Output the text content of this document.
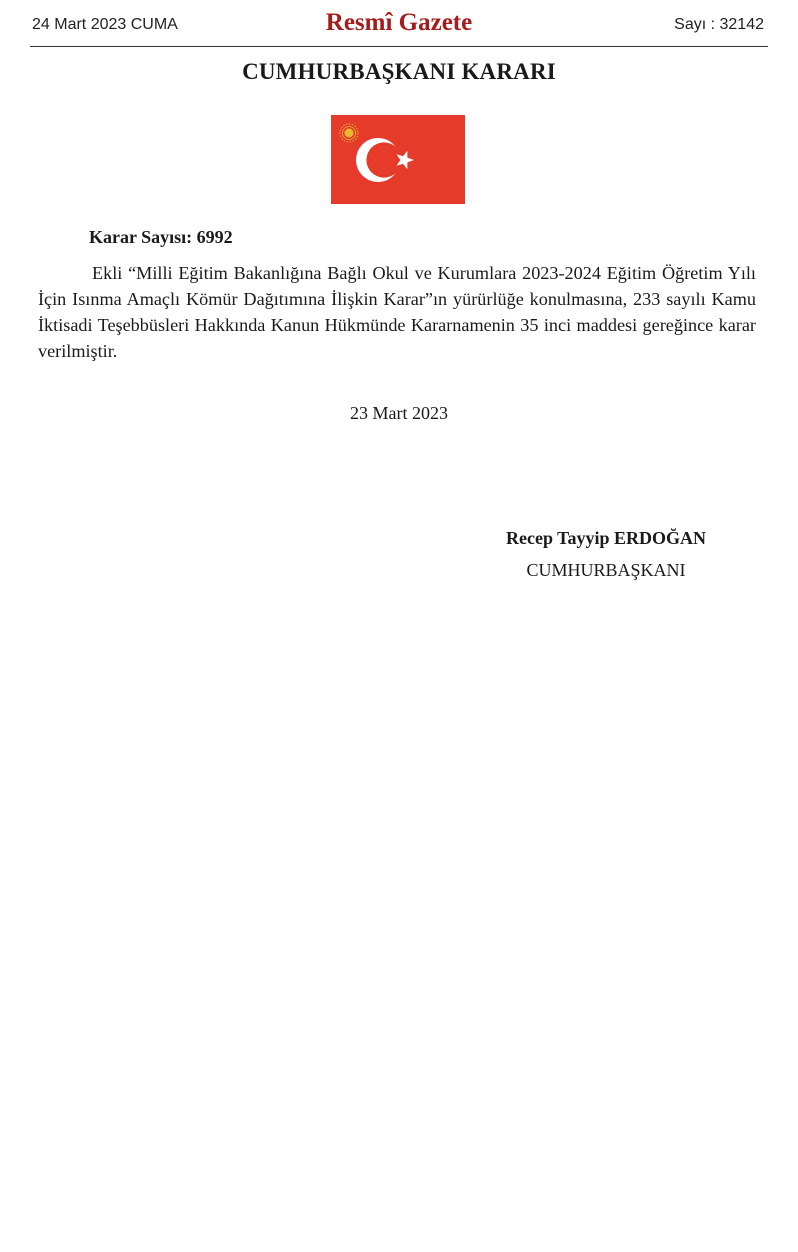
24 Mart 2023 CUMA	Resmî Gazete	Sayı : 32142
CUMHURBAŞKANI KARARI
Karar Sayısı: 6992
Ekli “Milli Eğitim Bakanlığına Bağlı Okul ve Kurumlara 2023-2024 Eğitim Öğretim Yılı İçin Isınma Amaçlı Kömür Dağıtımına İlişkin Karar”ın yürürlüğe konulmasına, 233 sayılı Kamu İktisadi Teşebbüsleri Hakkında Kanun Hükmünde Kararnamenin 35 inci maddesi gereğince karar verilmiştir.
23 Mart 2023
Recep Tayyip ERDOĞAN
CUMHURBAŞKANI
